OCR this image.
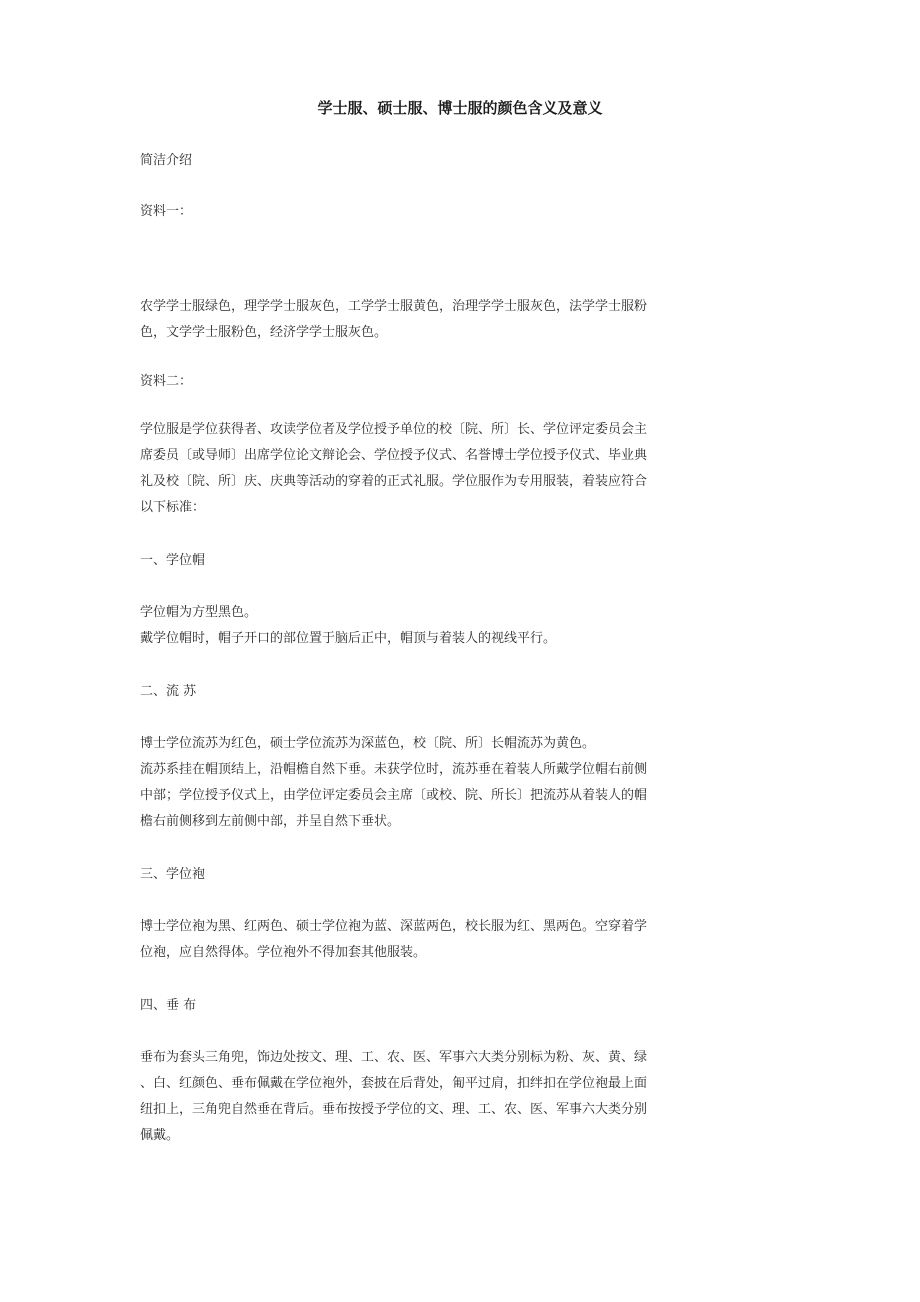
学士服、硕士服、博士服的颜色含义及意义

简洁介绍

资料一：

农学学士服绿色，理学学士服灰色，工学学士服黄色，治理学学士服灰色，法学学士服粉
色，文学学士服粉色，经济学学士服灰色。

资料二：

学位服是学位获得者、攻读学位者及学位授予单位的校〔院、所〕长、学位评定委员会主
席委员〔或导师〕出席学位论文辩论会、学位授予仪式、名誉博士学位授予仪式、毕业典
礼及校〔院、所〕庆、庆典等活动的穿着的正式礼服。学位服作为专用服装，着装应符合
以下标准：

一、学位帽

学位帽为方型黑色。
戴学位帽时，帽子开口的部位置于脑后正中，帽顶与着装人的视线平行。

二、流 苏

博士学位流苏为红色，硕士学位流苏为深蓝色，校〔院、所〕长帽流苏为黄色。
流苏系挂在帽顶结上，沿帽檐自然下垂。未获学位时，流苏垂在着装人所戴学位帽右前侧
中部；学位授予仪式上，由学位评定委员会主席〔或校、院、所长〕把流苏从着装人的帽
檐右前侧移到左前侧中部，并呈自然下垂状。

三、学位袍

博士学位袍为黑、红两色、硕士学位袍为蓝、深蓝两色，校长服为红、黑两色。空穿着学
位袍，应自然得体。学位袍外不得加套其他服装。

四、垂 布

垂布为套头三角兜，饰边处按文、理、工、农、医、军事六大类分别标为粉、灰、黄、绿
、白、红颜色、垂布佩戴在学位袍外，套披在后背处，匍平过肩，扣绊扣在学位袍最上面
纽扣上，三角兜自然垂在背后。垂布按授予学位的文、理、工、农、医、军事六大类分别
佩戴。
